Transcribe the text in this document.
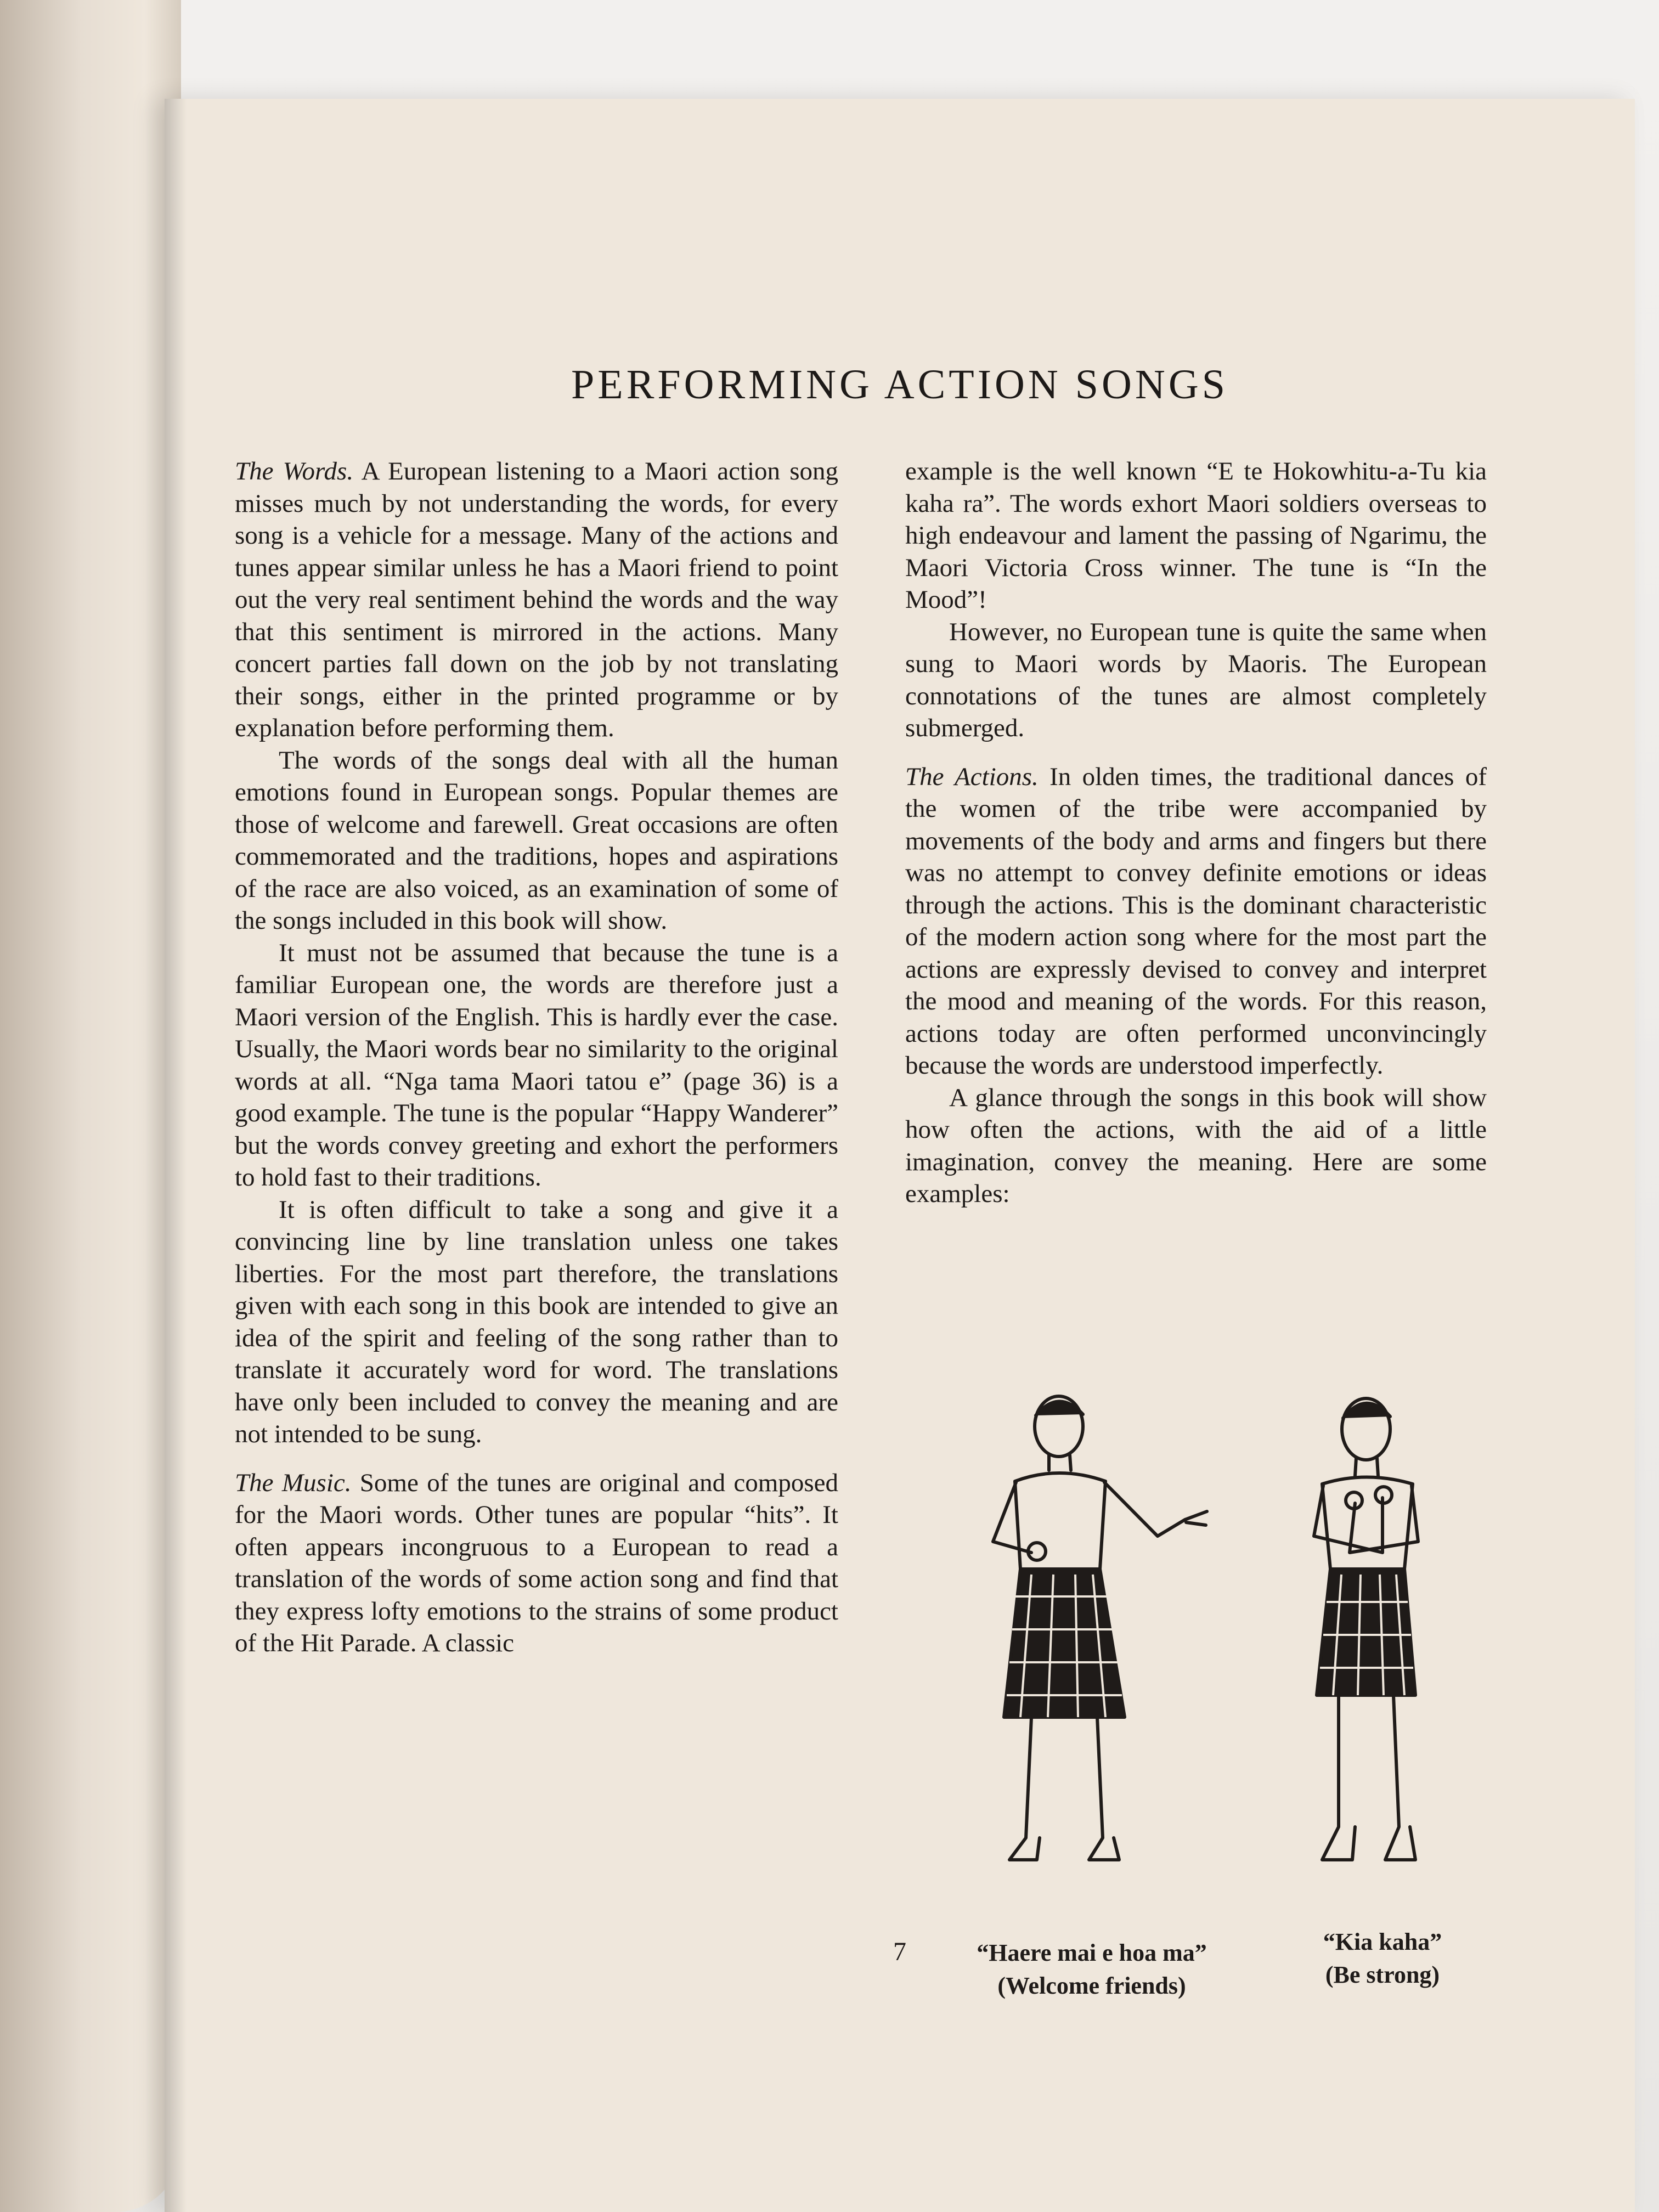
PERFORMING ACTION SONGS

The Words. A European listening to a Maori action song misses much by not understanding the words, for every song is a vehicle for a message. Many of the actions and tunes appear similar unless he has a Maori friend to point out the very real sentiment behind the words and the way that this sentiment is mirrored in the actions. Many concert parties fall down on the job by not translating their songs, either in the printed programme or by explanation before performing them.

The words of the songs deal with all the human emotions found in European songs. Popular themes are those of welcome and farewell. Great occasions are often commemorated and the traditions, hopes and aspirations of the race are also voiced, as an examination of some of the songs included in this book will show.

It must not be assumed that because the tune is a familiar European one, the words are therefore just a Maori version of the English. This is hardly ever the case. Usually, the Maori words bear no similarity to the original words at all. “Nga tama Maori tatou e” (page 36) is a good example. The tune is the popular “Happy Wanderer” but the words convey greeting and exhort the performers to hold fast to their traditions.

It is often difficult to take a song and give it a convincing line by line translation unless one takes liberties. For the most part therefore, the translations given with each song in this book are intended to give an idea of the spirit and feeling of the song rather than to translate it accurately word for word. The translations have only been included to convey the meaning and are not intended to be sung.

The Music. Some of the tunes are original and composed for the Maori words. Other tunes are popular “hits”. It often appears incongruous to a European to read a translation of the words of some action song and find that they express lofty emotions to the strains of some product of the Hit Parade. A classic

example is the well known “E te Hokowhitu-a-Tu kia kaha ra”. The words exhort Maori soldiers overseas to high endeavour and lament the passing of Ngarimu, the Maori Victoria Cross winner. The tune is “In the Mood”!

However, no European tune is quite the same when sung to Maori words by Maoris. The European connotations of the tunes are almost completely submerged.

The Actions. In olden times, the traditional dances of the women of the tribe were accompanied by movements of the body and arms and fingers but there was no attempt to convey definite emotions or ideas through the actions. This is the dominant characteristic of the modern action song where for the most part the actions are expressly devised to convey and interpret the mood and meaning of the words. For this reason, actions today are often performed unconvincingly because the words are understood imperfectly.

A glance through the songs in this book will show how often the actions, with the aid of a little imagination, convey the meaning. Here are some examples:

“Haere mai e hoa ma”
(Welcome friends)
“Kia kaha”
(Be strong)
7
